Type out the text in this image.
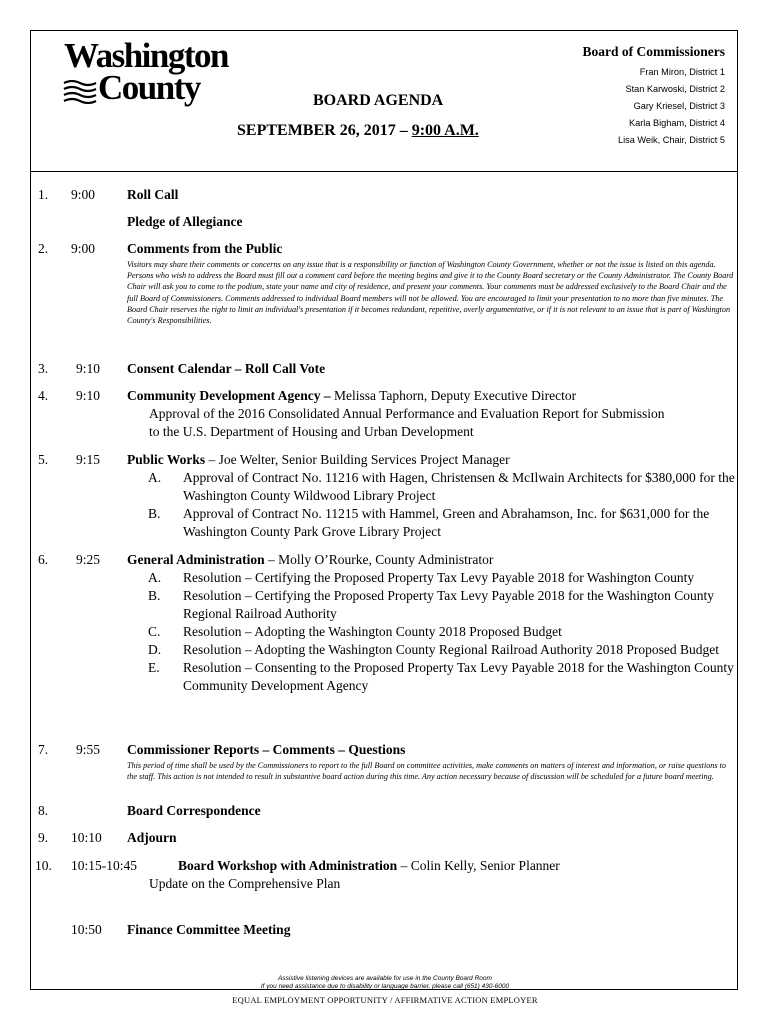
Washington
County	BOARD AGENDA
SEPTEMBER 26, 2017 – 9:00 A.M.
Board of Commissioners
Fran Miron, District 1
Stan Karwoski, District 2
Gary Kriesel, District 3
Karla Bigham, District 4
Lisa Weik, Chair, District 5
1. 9:00 Roll Call
Pledge of Allegiance
2. 9:00 Comments from the Public
Visitors may share their comments or concerns on any issue that is a responsibility or function of Washington County Government, whether or not the issue is listed on this agenda. Persons who wish to address the Board must fill out a comment card before the meeting begins and give it to the County Board secretary or the County Administrator. The County Board Chair will ask you to come to the podium, state your name and city of residence, and present your comments. Your comments must be addressed exclusively to the Board Chair and the full Board of Commissioners. Comments addressed to individual Board members will not be allowed. You are encouraged to limit your presentation to no more than five minutes. The Board Chair reserves the right to limit an individual's presentation if it becomes redundant, repetitive, overly argumentative, or if it is not relevant to an issue that is part of Washington County's Responsibilities.
3. 9:10 Consent Calendar – Roll Call Vote
4. 9:10 Community Development Agency – Melissa Taphorn, Deputy Executive Director
Approval of the 2016 Consolidated Annual Performance and Evaluation Report for Submission
to the U.S. Department of Housing and Urban Development
5. 9:15 Public Works – Joe Welter, Senior Building Services Project Manager
A. Approval of Contract No. 11216 with Hagen, Christensen & McIlwain Architects for $380,000 for the Washington County Wildwood Library Project
B. Approval of Contract No. 11215 with Hammel, Green and Abrahamson, Inc. for $631,000 for the Washington County Park Grove Library Project
6. 9:25 General Administration – Molly O’Rourke, County Administrator
A. Resolution – Certifying the Proposed Property Tax Levy Payable 2018 for Washington County
B. Resolution – Certifying the Proposed Property Tax Levy Payable 2018 for the Washington County Regional Railroad Authority
C. Resolution – Adopting the Washington County 2018 Proposed Budget
D. Resolution – Adopting the Washington County Regional Railroad Authority 2018 Proposed Budget
E. Resolution – Consenting to the Proposed Property Tax Levy Payable 2018 for the Washington County Community Development Agency
7. 9:55 Commissioner Reports – Comments – Questions
This period of time shall be used by the Commissioners to report to the full Board on committee activities, make comments on matters of interest and information, or raise questions to the staff. This action is not intended to result in substantive board action during this time. Any action necessary because of discussion will be scheduled for a future board meeting.
8.	Board Correspondence
9. 10:10 Adjourn
10. 10:15-10:45	Board Workshop with Administration – Colin Kelly, Senior Planner
Update on the Comprehensive Plan
10:50 Finance Committee Meeting
Assistive listening devices are available for use in the County Board Room
If you need assistance due to disability or language barrier, please call (651) 430-6000
EQUAL EMPLOYMENT OPPORTUNITY / AFFIRMATIVE ACTION EMPLOYER
